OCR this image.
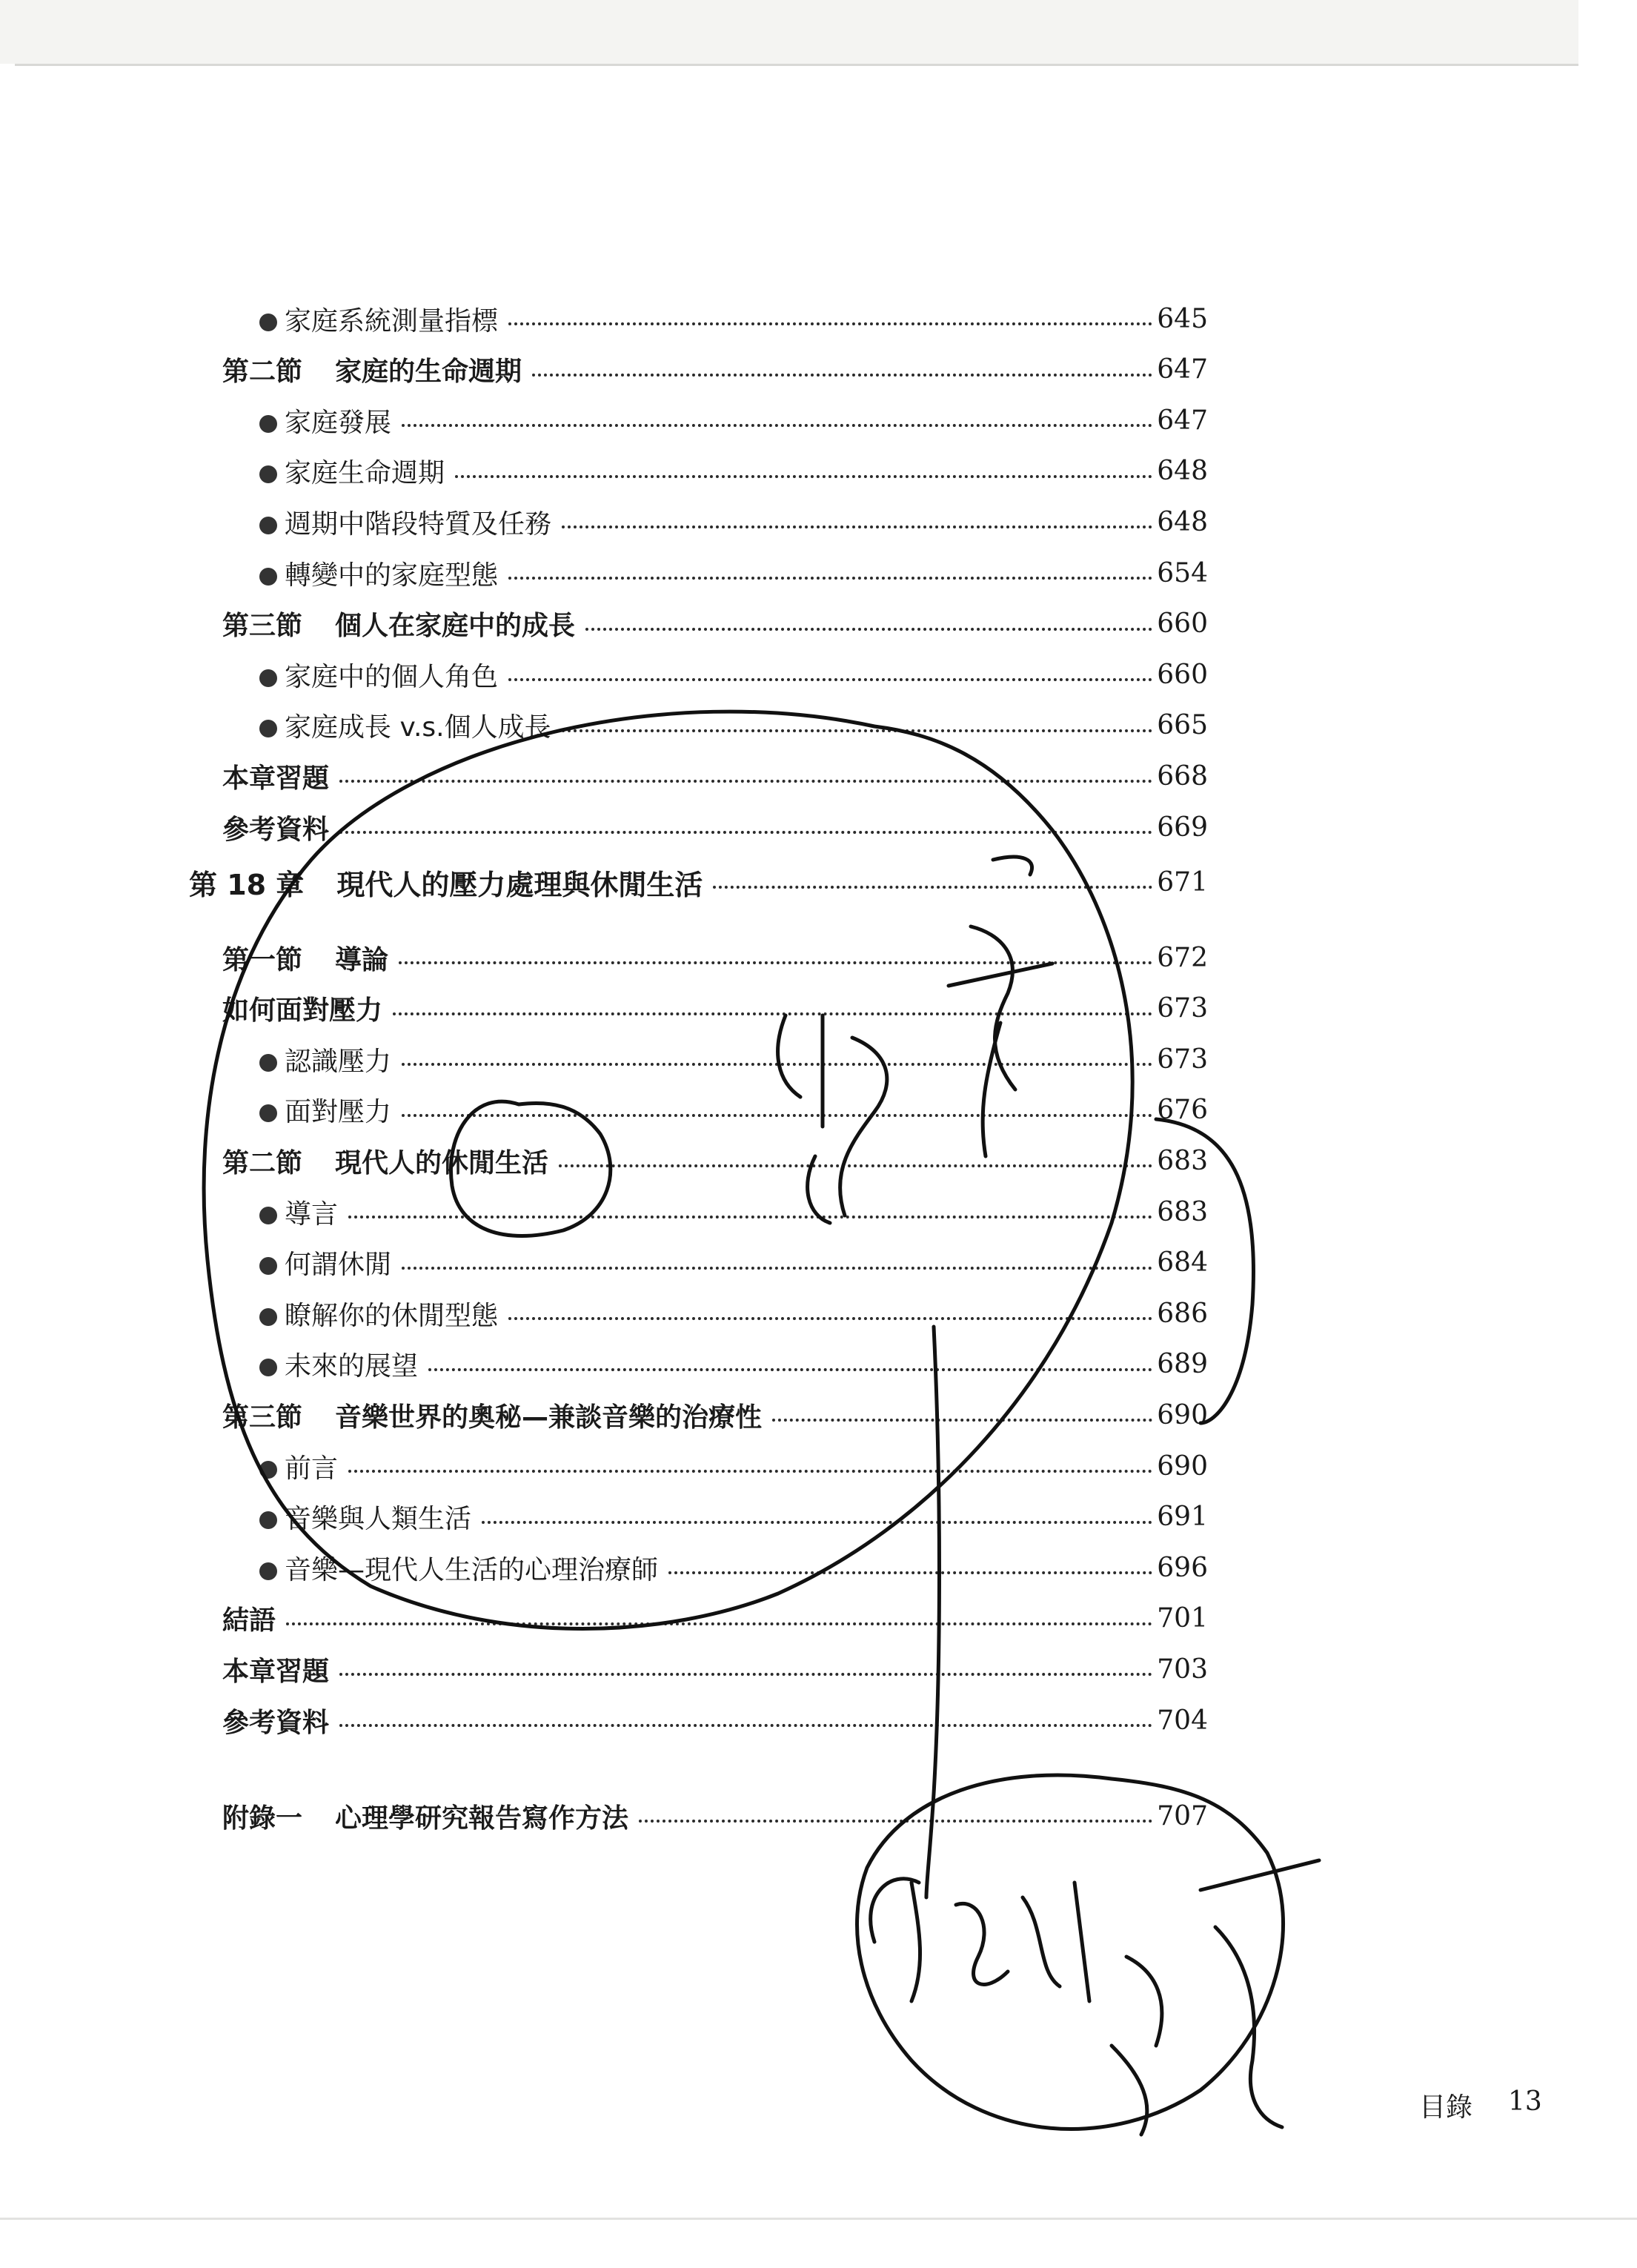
家庭系統測量指標	645
第二節 家庭的生命週期	647
家庭發展	647
家庭生命週期	648
週期中階段特質及任務	648
轉變中的家庭型態	654
第三節 個人在家庭中的成長	660
家庭中的個人角色	660
家庭成長 v.s.個人成長	665
本章習題	668
參考資料	669
第 18 章 現代人的壓力處理與休閒生活	671
第一節 導論	672
如何面對壓力	673
認識壓力	673
面對壓力	676
第二節 現代人的休閒生活	683
導言	683
何謂休閒	684
瞭解你的休閒型態	686
未來的展望	689
第三節 音樂世界的奧秘—兼談音樂的治療性	690
前言	690
音樂與人類生活	691
音樂—現代人生活的心理治療師	696
結語	701
本章習題	703
參考資料	704
附錄一 心理學研究報告寫作方法	707
目錄 13
